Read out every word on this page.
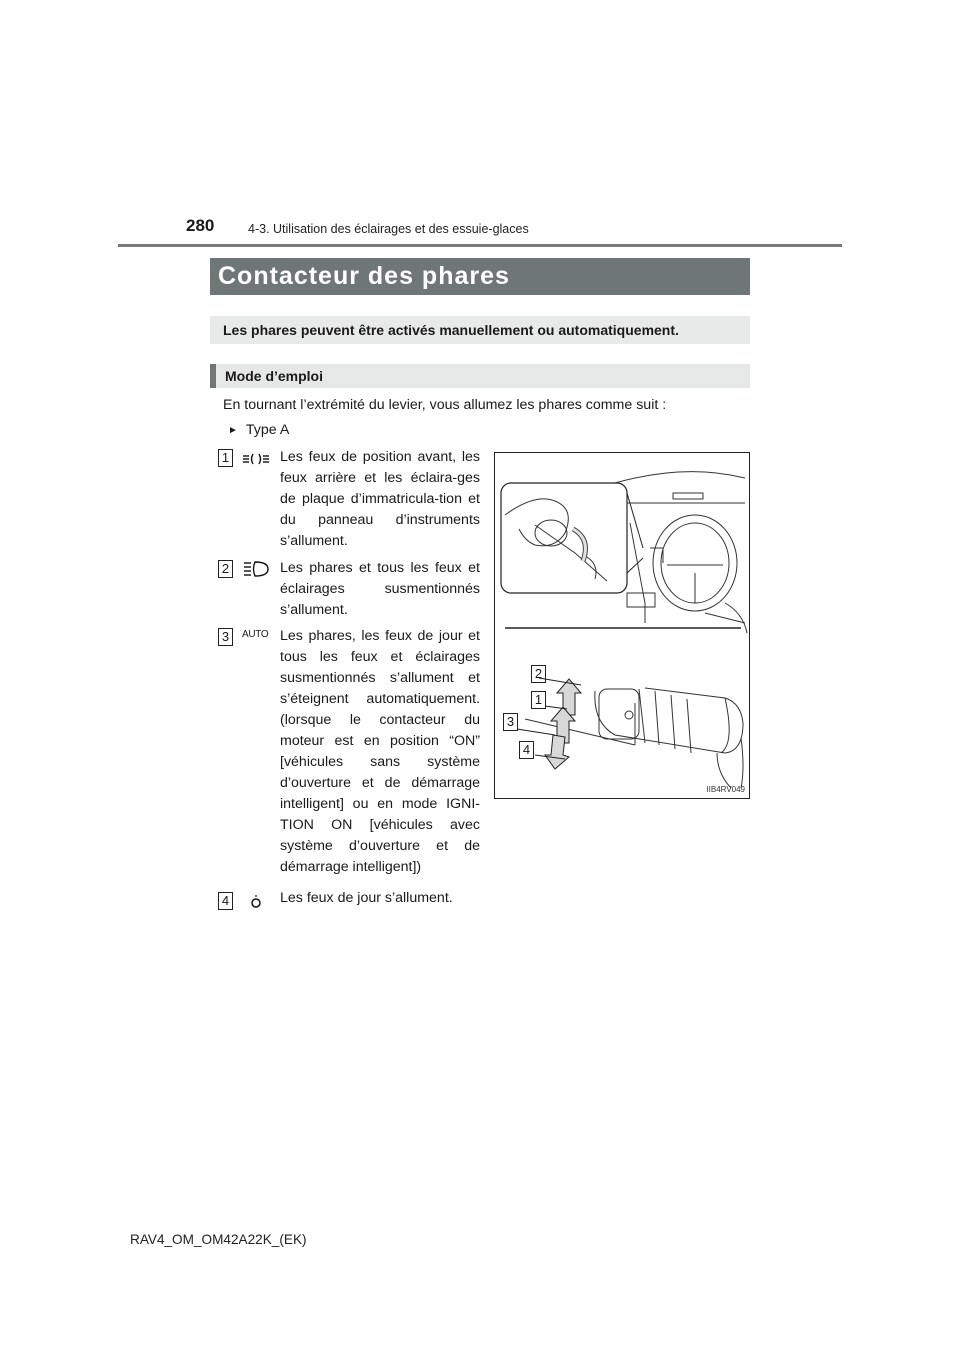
280	4-3. Utilisation des éclairages et des essuie-glaces
Contacteur des phares
Les phares peuvent être activés manuellement ou automatiquement.
Mode d’emploi
En tournant l’extrémité du levier, vous allumez les phares comme suit :
► Type A
1	Les feux de position avant, les feux arrière et les éclaira-ges de plaque d’immatricula-tion et du panneau d’instruments s’allument.
2	Les phares et tous les feux et éclairages susmentionnés s’allument.
3	AUTO Les phares, les feux de jour et tous les feux et éclairages susmentionnés s’allument et s’éteignent automatiquement. (lorsque le contacteur du moteur est en position “ON” [véhicules sans système d’ouverture et de démarrage intelligent] ou en mode IGNI-TION ON [véhicules avec système d’ouverture et de démarrage intelligent])
4	Les feux de jour s’allument.
2
1
3
4
IIB4RV049
RAV4_OM_OM42A22K_(EK)
